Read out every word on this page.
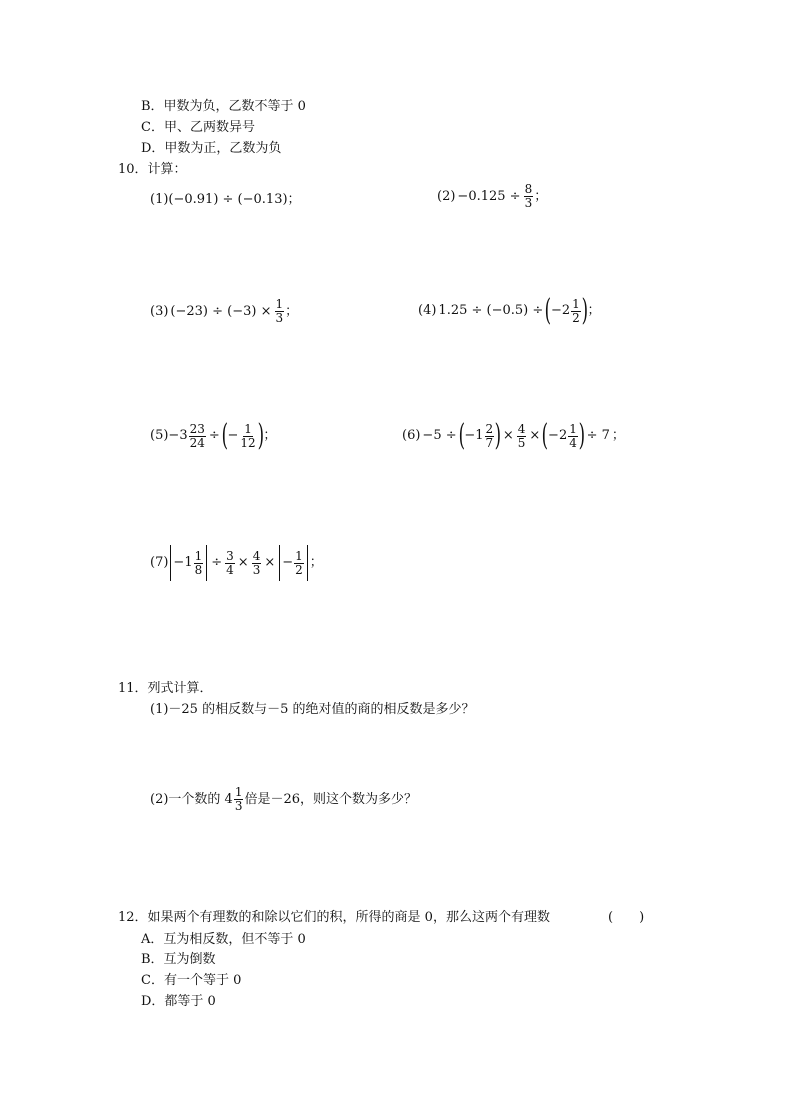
B．甲数为负，乙数不等于 0
C．甲、乙两数异号
D．甲数为正，乙数为负
10．计算：
(1)(−0.91) ÷ (−0.13)；	$(2) -0.125 \div \frac{8}{3}$ ；
(3) $(-23) \div (-3) \times \frac{1}{3}$ ；	(4) 1.25 ÷ (−0.5) ÷ ( $-2 \frac{1}{2}$ ) ；
$(5) -3 \frac{23}{24}$ ÷ ( − $\frac{1}{12}$ ) ；	(6) −5 ÷ ( $-1 \frac{2}{7}$ ) × $\frac{4}{5}$ × ( $-2 \frac{1}{4}$ ) ÷ 7 ；
$(7) -1 \frac{1}{8} \div \frac{3}{4} \times \frac{4}{3}$ × − $\frac{1}{2}$ ；
11．列式计算．
(1)－25 的相反数与－5 的绝对值的商的相反数是多少？
(2)一个数的 $4 \frac{1}{3}$ 倍是－26，则这个数为多少？
12．如果两个有理数的和除以它们的积，所得的商是 0，那么这两个有理数	(　　)
A．互为相反数，但不等于 0
B．互为倒数
C．有一个等于 0
D．都等于 0
